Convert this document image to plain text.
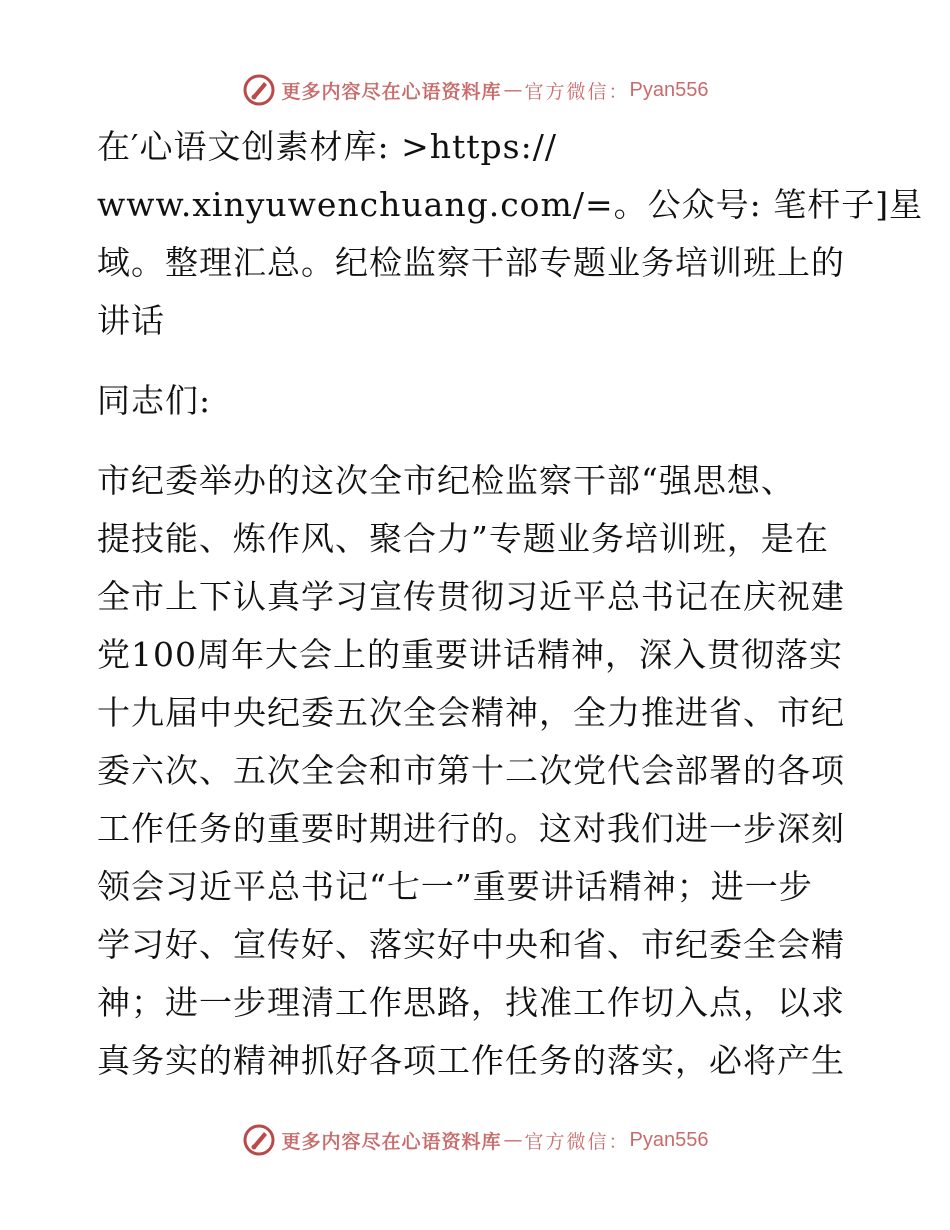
更多内容尽在心语资料库 — 官方微信： Pyan556

在′心语文创素材库: >https://
www.xinyuwenchuang.com/=。公众号: 笔杆子]星
域。整理汇总。纪检监察干部专题业务培训班上的
讲话

同志们:

市纪委举办的这次全市纪检监察干部“强思想、
提技能、炼作风、聚合力”专题业务培训班，是在
全市上下认真学习宣传贯彻习近平总书记在庆祝建
党100周年大会上的重要讲话精神，深入贯彻落实
十九届中央纪委五次全会精神，全力推进省、市纪
委六次、五次全会和市第十二次党代会部署的各项
工作任务的重要时期进行的。这对我们进一步深刻
领会习近平总书记“七一”重要讲话精神；进一步
学习好、宣传好、落实好中央和省、市纪委全会精
神；进一步理清工作思路，找准工作切入点，以求
真务实的精神抓好各项工作任务的落实，必将产生

更多内容尽在心语资料库 — 官方微信： Pyan556
